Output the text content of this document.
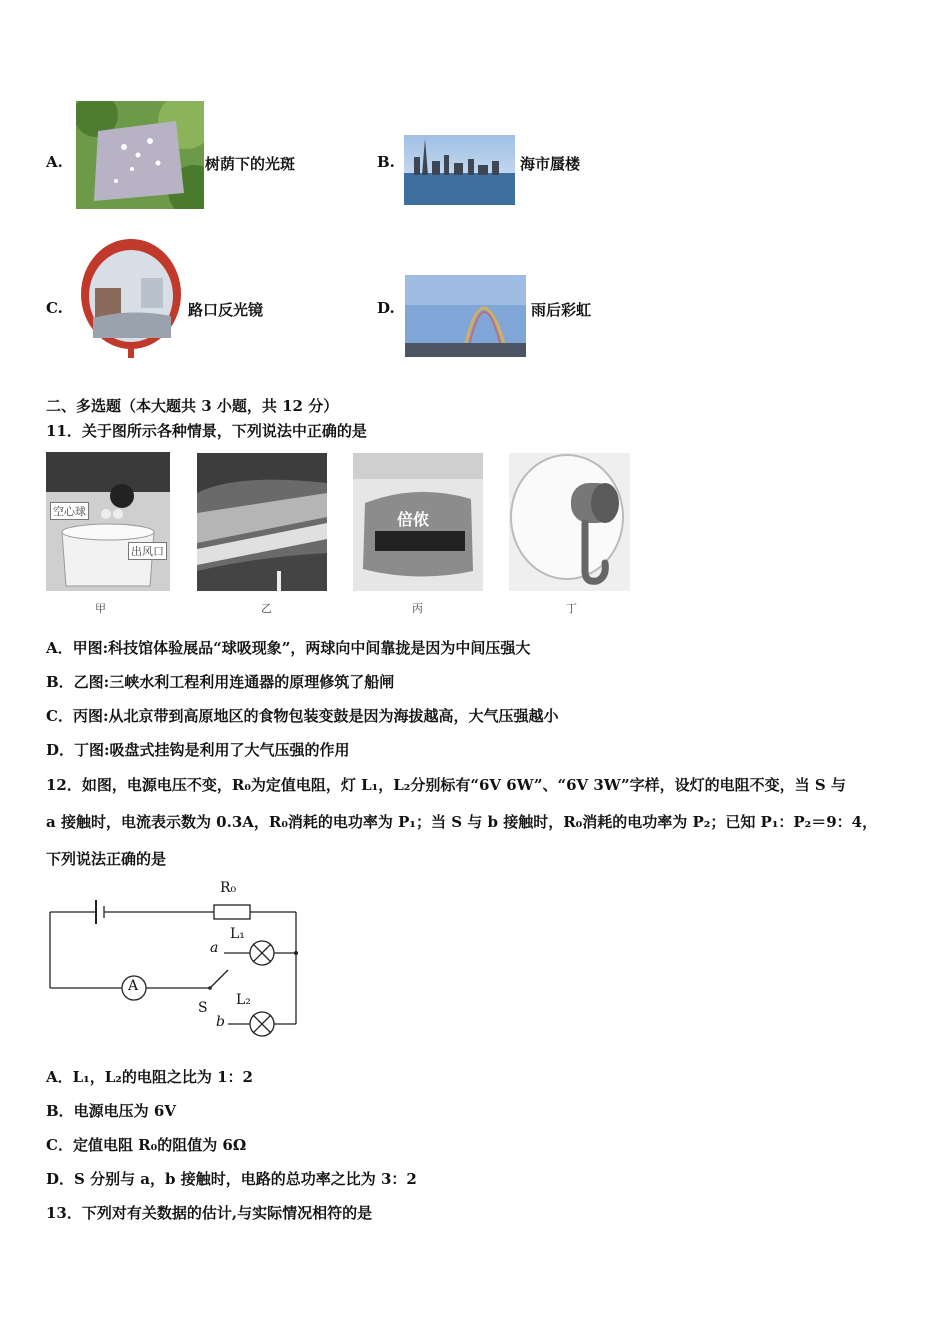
A.	树荫下的光斑	B.	海市蜃楼
C.	路口反光镜	D.	雨后彩虹
二、多选题（本大题共 3 小题，共 12 分）
11．关于图所示各种情景，下列说法中正确的是
空心球
出风口
甲	乙
倍侬
丙	丁
A．甲图:科技馆体验展品“球吸现象”，两球向中间靠拢是因为中间压强大
B．乙图:三峡水利工程利用连通器的原理修筑了船闸
C．丙图:从北京带到高原地区的食物包装变鼓是因为海拔越高，大气压强越小
D．丁图:吸盘式挂钩是利用了大气压强的作用
12．如图，电源电压不变，R₀为定值电阻，灯 L₁，L₂分别标有“6V 6W”、“6V 3W”字样，设灯的电阻不变，当 S 与
a 接触时，电流表示数为 0.3A，R₀消耗的电功率为 P₁；当 S 与 b 接触时，R₀消耗的电功率为 P₂；已知 P₁：P₂＝9：4，
下列说法正确的是
R₀
L₁
a
L₂
S
b
A
A．L₁，L₂的电阻之比为 1：2
B．电源电压为 6V
C．定值电阻 R₀的阻值为 6Ω
D．S 分别与 a，b 接触时，电路的总功率之比为 3：2
13．下列对有关数据的估计,与实际情况相符的是
